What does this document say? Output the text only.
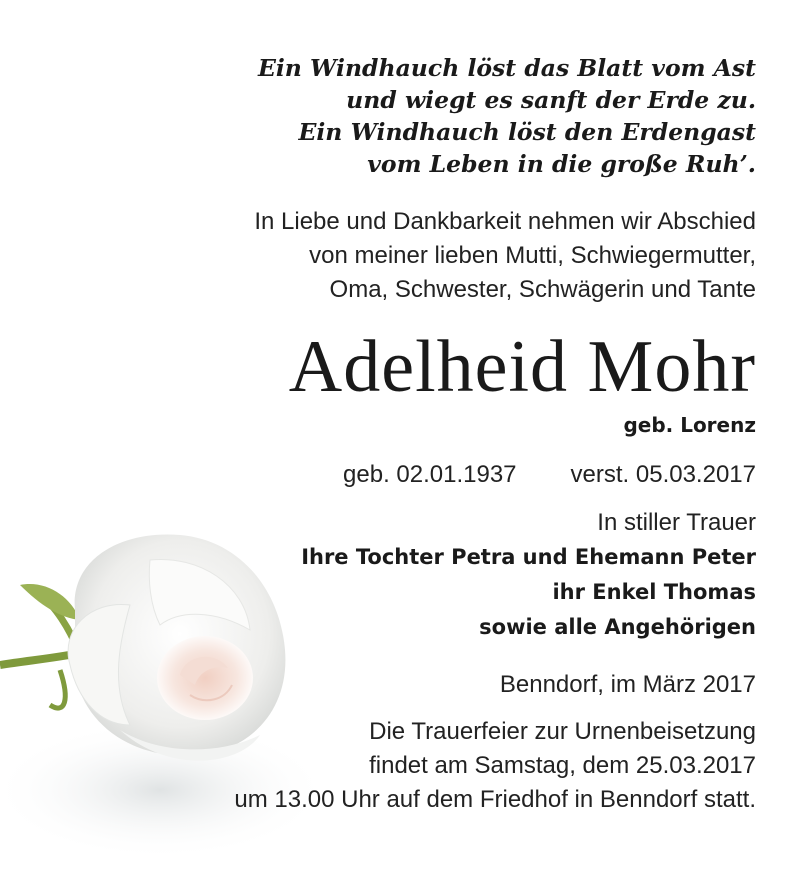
Ein Windhauch löst das Blatt vom Ast
und wiegt es sanft der Erde zu.
Ein Windhauch löst den Erdengast
vom Leben in die große Ruh’.
In Liebe und Dankbarkeit nehmen wir Abschied
von meiner lieben Mutti, Schwiegermutter,
Oma, Schwester, Schwägerin und Tante
Adelheid Mohr
geb. Lorenz
geb. 02.01.1937 verst. 05.03.2017
In stiller Trauer
Ihre Tochter Petra und Ehemann Peter
ihr Enkel Thomas
sowie alle Angehörigen
Benndorf, im März 2017
Die Trauerfeier zur Urnenbeisetzung
findet am Samstag, dem 25.03.2017
um 13.00 Uhr auf dem Friedhof in Benndorf statt.
